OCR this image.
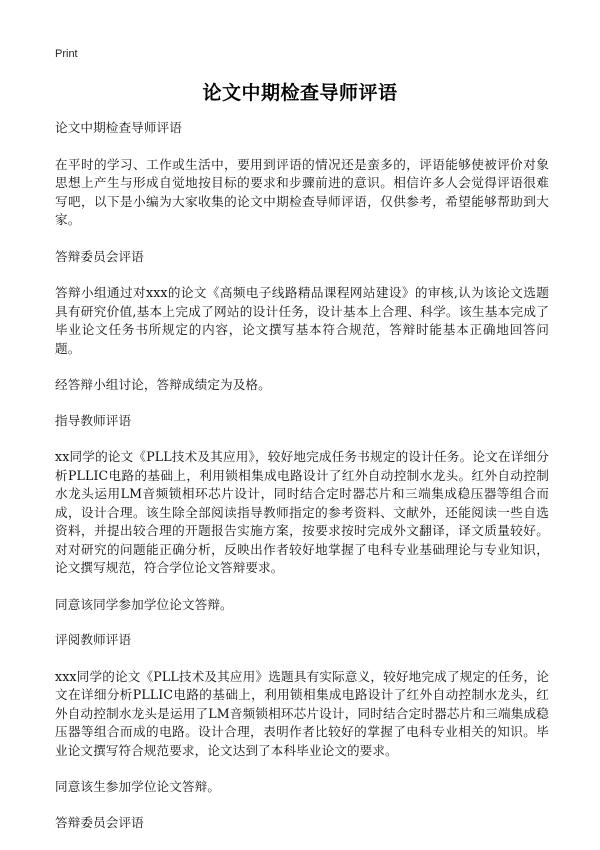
Print
论文中期检查导师评语
论文中期检查导师评语
在平时的学习、工作或生活中，要用到评语的情况还是蛮多的，评语能够使被评价对象思想上产生与形成自觉地按目标的要求和步骤前进的意识。相信许多人会觉得评语很难写吧，以下是小编为大家收集的论文中期检查导师评语，仅供参考，希望能够帮助到大家。
答辩委员会评语
答辩小组通过对xxx的论文《高频电子线路精品课程网站建设》的审核,认为该论文选题具有研究价值,基本上完成了网站的设计任务，设计基本上合理、科学。该生基本完成了毕业论文任务书所规定的内容，论文撰写基本符合规范，答辩时能基本正确地回答问题。
经答辩小组讨论，答辩成绩定为及格。
指导教师评语
xx同学的论文《PLL技术及其应用》，较好地完成任务书规定的设计任务。论文在详细分析PLLIC电路的基础上，利用锁相集成电路设计了红外自动控制水龙头。红外自动控制水龙头运用LM音频锁相环芯片设计，同时结合定时器芯片和三端集成稳压器等组合而成，设计合理。该生除全部阅读指导教师指定的参考资料、文献外，还能阅读一些自选资料，并提出较合理的开题报告实施方案，按要求按时完成外文翻译，译文质量较好。对对研究的问题能正确分析，反映出作者较好地掌握了电科专业基础理论与专业知识，论文撰写规范，符合学位论文答辩要求。
同意该同学参加学位论文答辩。
评阅教师评语
xxx同学的论文《PLL技术及其应用》选题具有实际意义，较好地完成了规定的任务，论文在详细分析PLLIC电路的基础上，利用锁相集成电路设计了红外自动控制水龙头，红外自动控制水龙头是运用了LM音频锁相环芯片设计，同时结合定时器芯片和三端集成稳压器等组合而成的电路。设计合理，表明作者比较好的掌握了电科专业相关的知识。毕业论文撰写符合规范要求，论文达到了本科毕业论文的要求。
同意该生参加学位论文答辩。
答辩委员会评语
